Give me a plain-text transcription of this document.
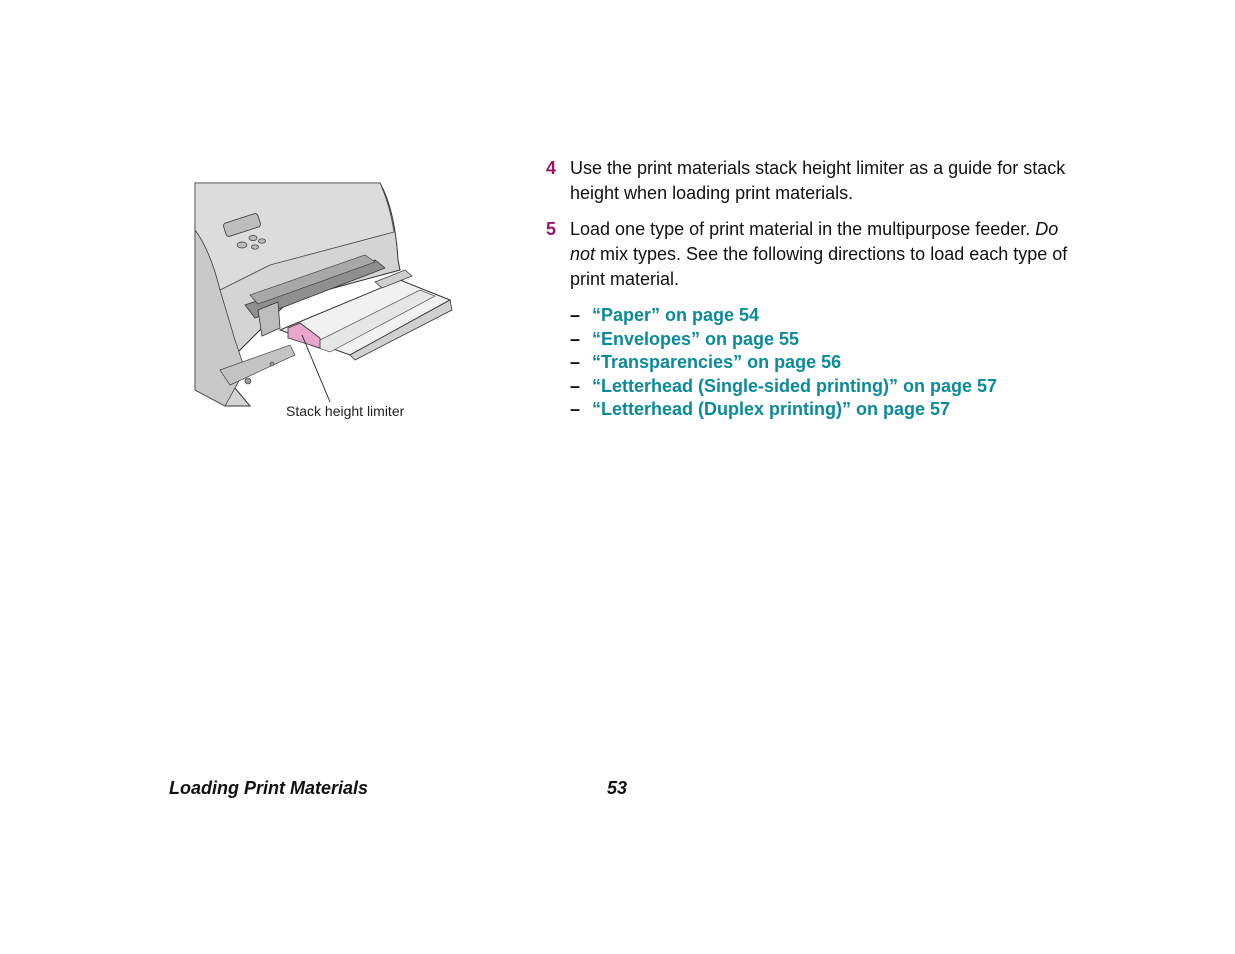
Stack height limiter
4 Use the print materials stack height limiter as a guide for stack height when loading print materials.
5 Load one type of print material in the multipurpose feeder. Do not mix types. See the following directions to load each type of print material.
– “Paper” on page 54
– “Envelopes” on page 55
– “Transparencies” on page 56
– “Letterhead (Single-sided printing)” on page 57
– “Letterhead (Duplex printing)” on page 57
Loading Print Materials	53
